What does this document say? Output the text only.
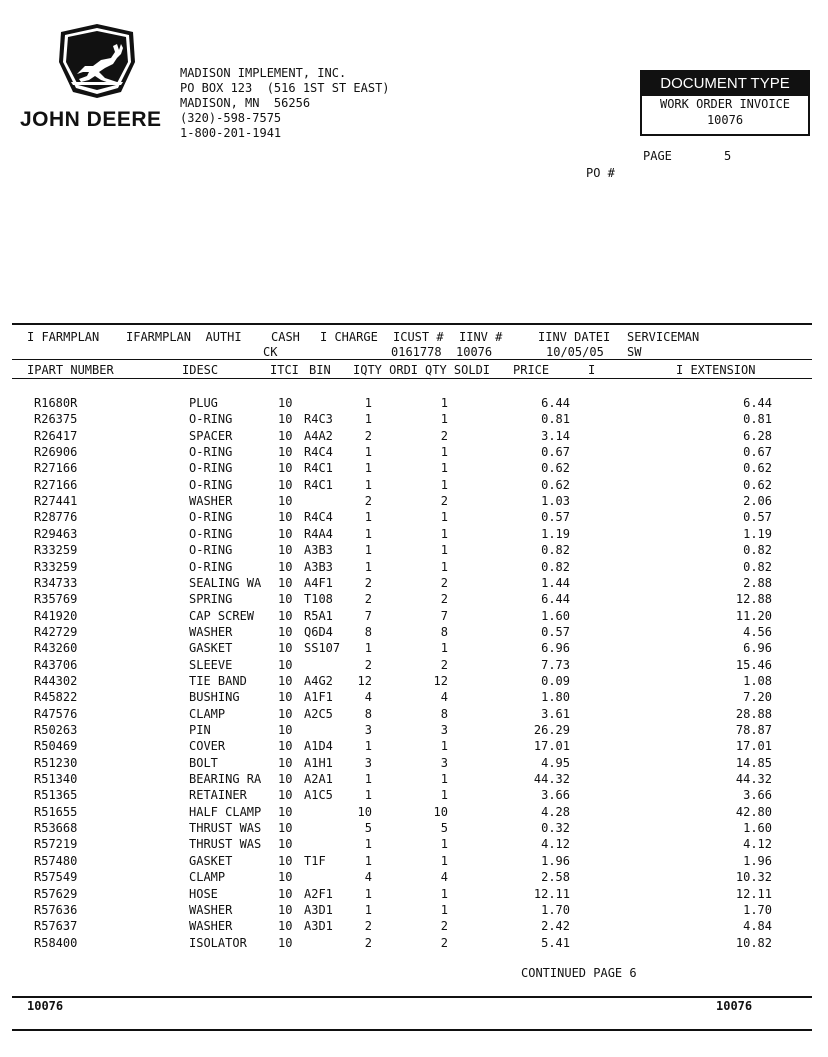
JOHN DEERE
MADISON IMPLEMENT, INC.
PO BOX 123  (516 1ST ST EAST)
MADISON, MN  56256
(320)-598-7575
1-800-201-1941
DOCUMENT TYPE
WORK ORDER INVOICE
10076
PAGE	5
PO #
I FARMPLAN IFARMPLAN  AUTHI CASH I CHARGE ICUST # IINV #	IINV DATEI SERVICEMAN
CK	0161778 10076	10/05/05 SW
IPART NUMBER	IDESC	ITCI BIN IQTY ORDI QTY SOLDI PRICE	I	I EXTENSION
R1680R	PLUG	10	1	1	6.44	6.44
R26375	O-RING	10 R4C3	1	1	0.81	0.81
R26417	SPACER	10 A4A2	2	2	3.14	6.28
R26906	O-RING	10 R4C4	1	1	0.67	0.67
R27166	O-RING	10 R4C1	1	1	0.62	0.62
R27166	O-RING	10 R4C1	1	1	0.62	0.62
R27441	WASHER	10	2	2	1.03	2.06
R28776	O-RING	10 R4C4	1	1	0.57	0.57
R29463	O-RING	10 R4A4	1	1	1.19	1.19
R33259	O-RING	10 A3B3	1	1	0.82	0.82
R33259	O-RING	10 A3B3	1	1	0.82	0.82
R34733	SEALING WA 10 A4F1	2	2	1.44	2.88
R35769	SPRING	10 T108	2	2	6.44	12.88
R41920	CAP SCREW 10 R5A1	7	7	1.60	11.20
R42729	WASHER	10 Q6D4	8	8	0.57	4.56
R43260	GASKET	10 SS107 1	1	6.96	6.96
R43706	SLEEVE	10	2	2	7.73	15.46
R44302	TIE BAND	10 A4G2 12	12	0.09	1.08
R45822	BUSHING	10 A1F1	4	4	1.80	7.20
R47576	CLAMP	10 A2C5	8	8	3.61	28.88
R50263	PIN	10	3	3	26.29	78.87
R50469	COVER	10 A1D4	1	1	17.01	17.01
R51230	BOLT	10 A1H1	3	3	4.95	14.85
R51340	BEARING RA 10 A2A1	1	1	44.32	44.32
R51365	RETAINER	10 A1C5	1	1	3.66	3.66
R51655	HALF CLAMP 10	10	10	4.28	42.80
R53668	THRUST WAS 10	5	5	0.32	1.60
R57219	THRUST WAS 10	1	1	4.12	4.12
R57480	GASKET	10 T1F	1	1	1.96	1.96
R57549	CLAMP	10	4	4	2.58	10.32
R57629	HOSE	10 A2F1	1	1	12.11	12.11
R57636	WASHER	10 A3D1	1	1	1.70	1.70
R57637	WASHER	10 A3D1	2	2	2.42	4.84
R58400	ISOLATOR	10	2	2	5.41	10.82
CONTINUED PAGE 6
10076	10076
